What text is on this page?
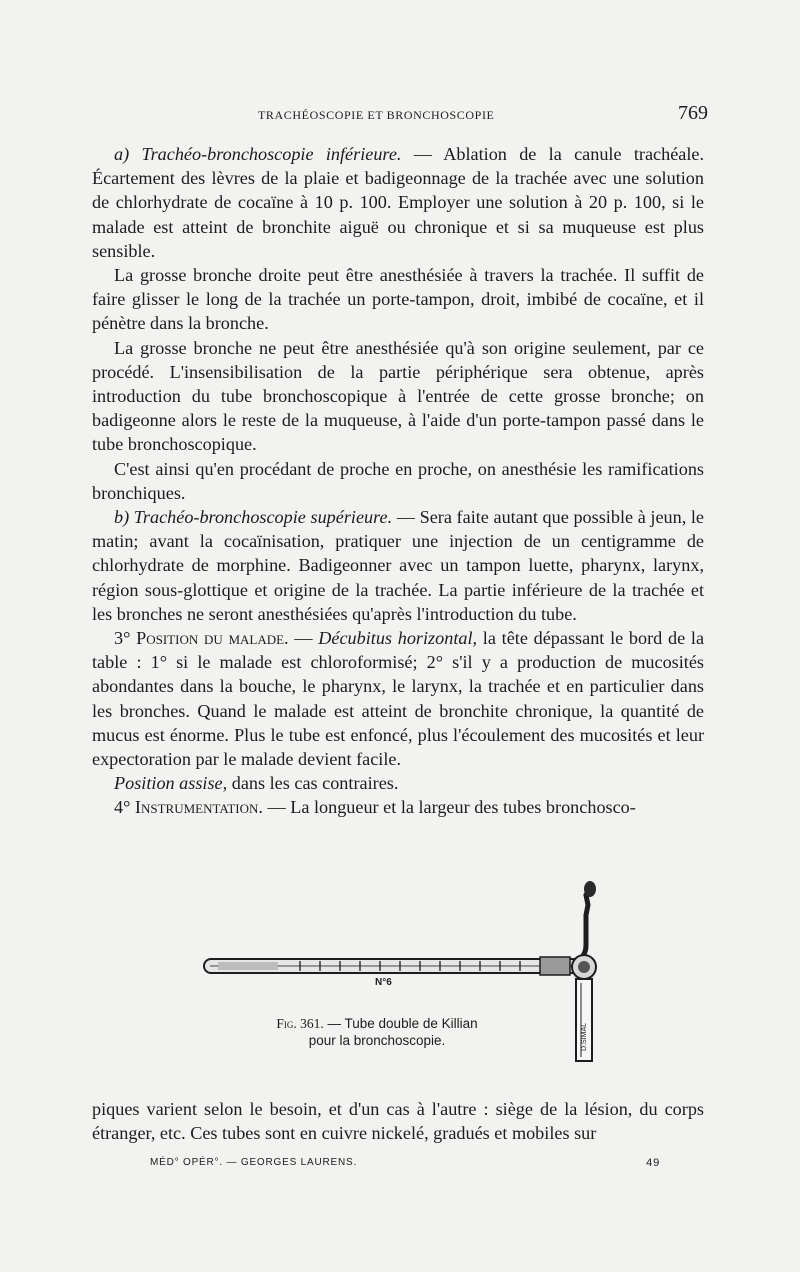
TRACHÉOSCOPIE ET BRONCHOSCOPIE	769

a) Trachéo-bronchoscopie inférieure. — Ablation de la canule trachéale. Écartement des lèvres de la plaie et badigeonnage de la trachée avec une solution de chlorhydrate de cocaïne à 10 p. 100. Employer une solution à 20 p. 100, si le malade est atteint de bronchite aiguë ou chronique et si sa muqueuse est plus sensible.

La grosse bronche droite peut être anesthésiée à travers la trachée. Il suffit de faire glisser le long de la trachée un porte-tampon, droit, imbibé de cocaïne, et il pénètre dans la bronche.

La grosse bronche ne peut être anesthésiée qu'à son origine seulement, par ce procédé. L'insensibilisation de la partie périphérique sera obtenue, après introduction du tube bronchoscopique à l'entrée de cette grosse bronche; on badigeonne alors le reste de la muqueuse, à l'aide d'un porte-tampon passé dans le tube bronchoscopique.

C'est ainsi qu'en procédant de proche en proche, on anesthésie les ramifications bronchiques.

b) Trachéo-bronchoscopie supérieure. — Sera faite autant que possible à jeun, le matin; avant la cocaïnisation, pratiquer une injection de un centigramme de chlorhydrate de morphine. Badigeonner avec un tampon luette, pharynx, larynx, région sous-glottique et origine de la trachée. La partie inférieure de la trachée et les bronches ne seront anesthésiées qu'après l'introduction du tube.

3° Position du malade. — Décubitus horizontal, la tête dépassant le bord de la table : 1° si le malade est chloroformisé; 2° s'il y a production de mucosités abondantes dans la bouche, le pharynx, le larynx, la trachée et en particulier dans les bronches. Quand le malade est atteint de bronchite chronique, la quantité de mucus est énorme. Plus le tube est enfoncé, plus l'écoulement des mucosités et leur expectoration par le malade devient facile.

Position assise, dans les cas contraires.

4° Instrumentation. — La longueur et la largeur des tubes bronchosco-

N°6
D.SIMAL
Fig. 361. — Tube double de Killian
pour la bronchoscopie.
piques varient selon le besoin, et d'un cas à l'autre : siège de la lésion, du corps étranger, etc. Ces tubes sont en cuivre nickelé, gradués et mobiles sur
MÉD° OPÉR°. — GEORGES LAURENS.	49
